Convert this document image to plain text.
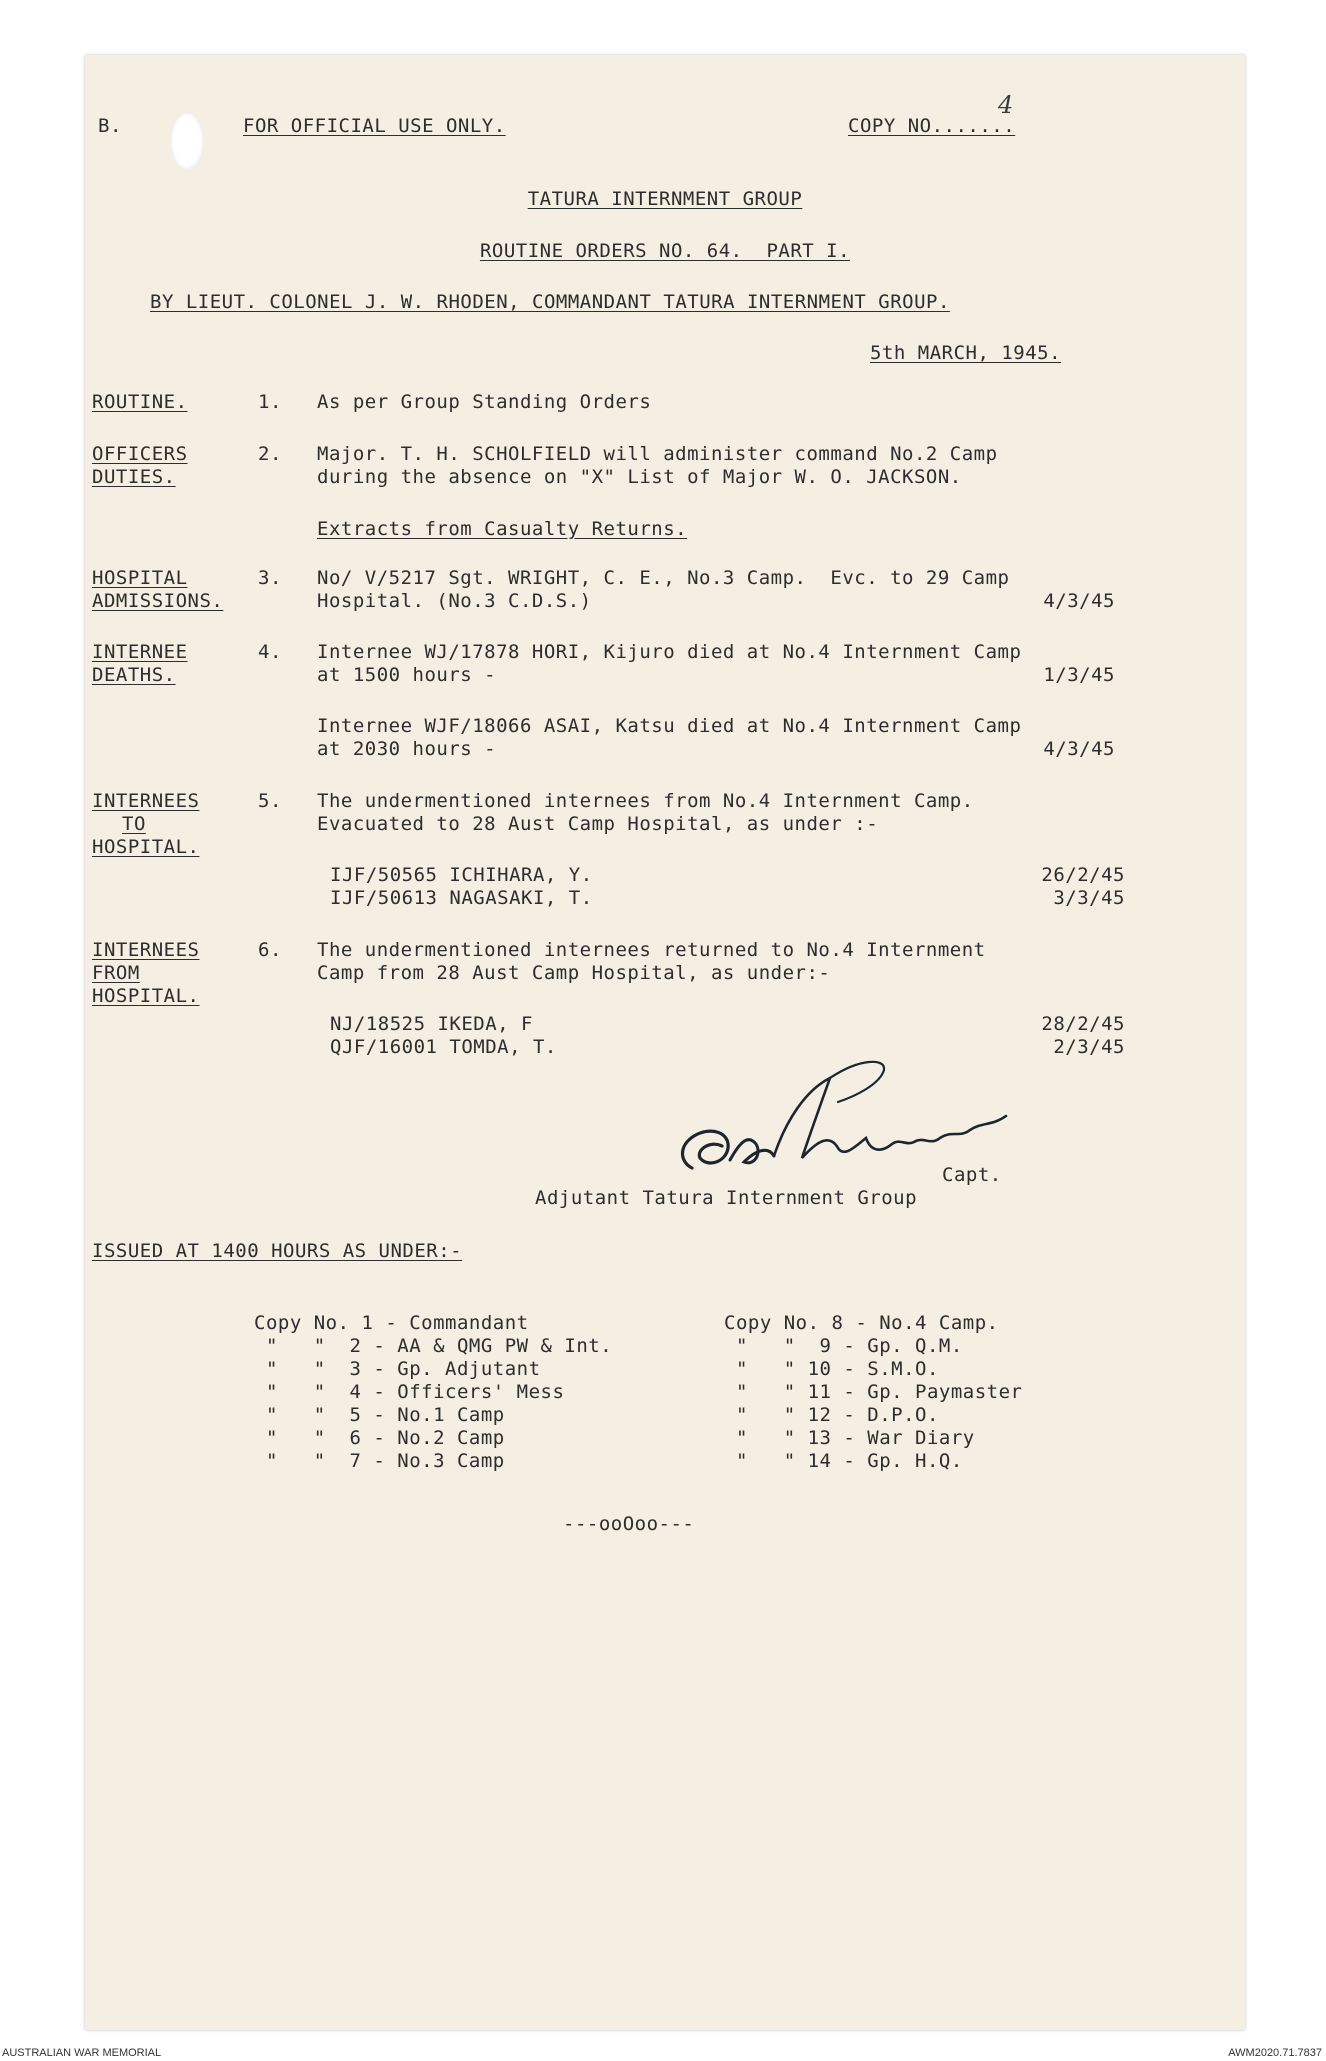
B.	FOR OFFICIAL USE ONLY.	COPY NO.......
4
TATURA INTERNMENT GROUP
ROUTINE ORDERS NO. 64.  PART I.
BY LIEUT. COLONEL J. W. RHODEN, COMMANDANT TATURA INTERNMENT GROUP.
5th MARCH, 1945.
ROUTINE.	1. As per Group Standing Orders
OFFICERS
DUTIES.
2. Major. T. H. SCHOLFIELD will administer command No.2 Camp
during the absence on "X" List of Major W. O. JACKSON.
Extracts from Casualty Returns.
HOSPITAL
ADMISSIONS.
3. No/ V/5217 Sgt. WRIGHT, C. E., No.3 Camp.  Evc. to 29 Camp
Hospital. (No.3 C.D.S.)	4/3/45
INTERNEE
DEATHS.
4. Internee WJ/17878 HORI, Kijuro died at No.4 Internment Camp
at 1500 hours -	1/3/45
Internee WJF/18066 ASAI, Katsu died at No.4 Internment Camp
at 2030 hours -	4/3/45
INTERNEES
TO
HOSPITAL.
5. The undermentioned internees from No.4 Internment Camp.
Evacuated to 28 Aust Camp Hospital, as under :-
IJF/50565 ICHIHARA, Y.	26/2/45
IJF/50613 NAGASAKI, T.	3/3/45
INTERNEES
FROM
HOSPITAL.
6. The undermentioned internees returned to No.4 Internment
Camp from 28 Aust Camp Hospital, as under:-
NJ/18525 IKEDA, F	28/2/45
QJF/16001 TOMDA, T.	2/3/45
Capt.
Adjutant Tatura Internment Group
ISSUED AT 1400 HOURS AS UNDER:-
Copy No. 1 - Commandant
"   "  2 - AA & QMG PW & Int.
"   "  3 - Gp. Adjutant
"   "  4 - Officers' Mess
"   "  5 - No.1 Camp
"   "  6 - No.2 Camp
"   "  7 - No.3 Camp
Copy No. 8 - No.4 Camp.
"   "  9 - Gp. Q.M.
"   " 10 - S.M.O.
"   " 11 - Gp. Paymaster
"   " 12 - D.P.O.
"   " 13 - War Diary
"   " 14 - Gp. H.Q.
---ooOoo---
AUSTRALIAN WAR MEMORIAL	AWM2020.71.7837
